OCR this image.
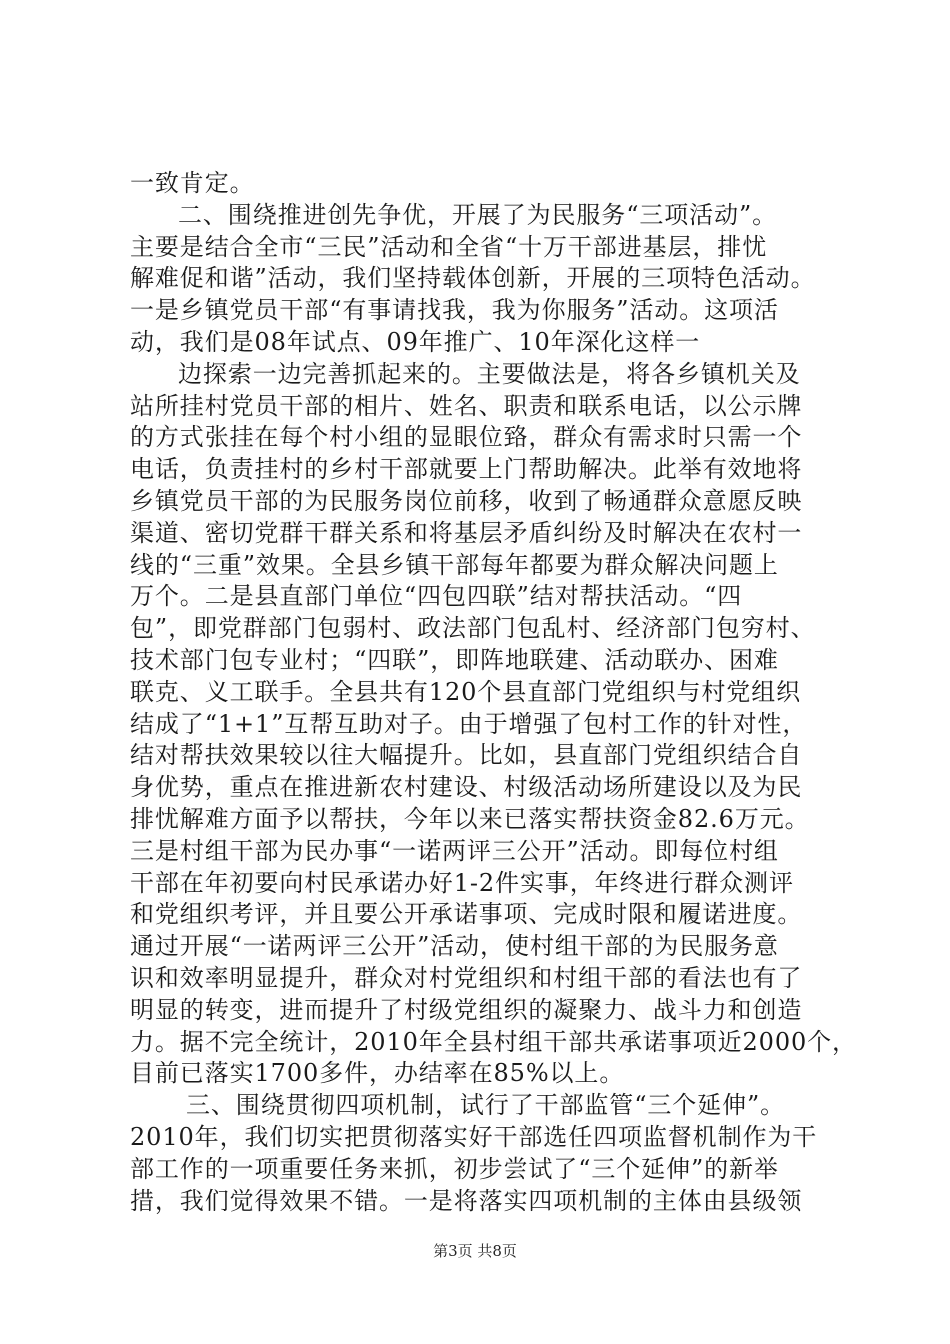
一致肯定。
二、围绕推进创先争优，开展了为民服务“三项活动”。
主要是结合全市“三民”活动和全省“十万干部进基层，排忧
解难促和谐”活动，我们坚持载体创新，开展的三项特色活动。
一是乡镇党员干部“有事请找我，我为你服务”活动。这项活
动，我们是08年试点、09年推广、10年深化这样一
边探索一边完善抓起来的。主要做法是，将各乡镇机关及
站所挂村党员干部的相片、姓名、职责和联系电话，以公示牌
的方式张挂在每个村小组的显眼位臵，群众有需求时只需一个
电话，负责挂村的乡村干部就要上门帮助解决。此举有效地将
乡镇党员干部的为民服务岗位前移，收到了畅通群众意愿反映
渠道、密切党群干群关系和将基层矛盾纠纷及时解决在农村一
线的“三重”效果。全县乡镇干部每年都要为群众解决问题上
万个。二是县直部门单位“四包四联”结对帮扶活动。“四
包”，即党群部门包弱村、政法部门包乱村、经济部门包穷村、
技术部门包专业村；“四联”，即阵地联建、活动联办、困难
联克、义工联手。全县共有120个县直部门党组织与村党组织
结成了“1+1”互帮互助对子。由于增强了包村工作的针对性，
结对帮扶效果较以往大幅提升。比如，县直部门党组织结合自
身优势，重点在推进新农村建设、村级活动场所建设以及为民
排忧解难方面予以帮扶，今年以来已落实帮扶资金82.6万元。
三是村组干部为民办事“一诺两评三公开”活动。即每位村组
干部在年初要向村民承诺办好1-2件实事，年终进行群众测评
和党组织考评，并且要公开承诺事项、完成时限和履诺进度。
通过开展“一诺两评三公开”活动，使村组干部的为民服务意
识和效率明显提升，群众对村党组织和村组干部的看法也有了
明显的转变，进而提升了村级党组织的凝聚力、战斗力和创造
力。据不完全统计，2010年全县村组干部共承诺事项近2000个，
目前已落实1700多件，办结率在85%以上。
三、围绕贯彻四项机制，试行了干部监管“三个延伸”。
2010年，我们切实把贯彻落实好干部选任四项监督机制作为干
部工作的一项重要任务来抓，初步尝试了“三个延伸”的新举
措，我们觉得效果不错。一是将落实四项机制的主体由县级领
第3页 共8页
